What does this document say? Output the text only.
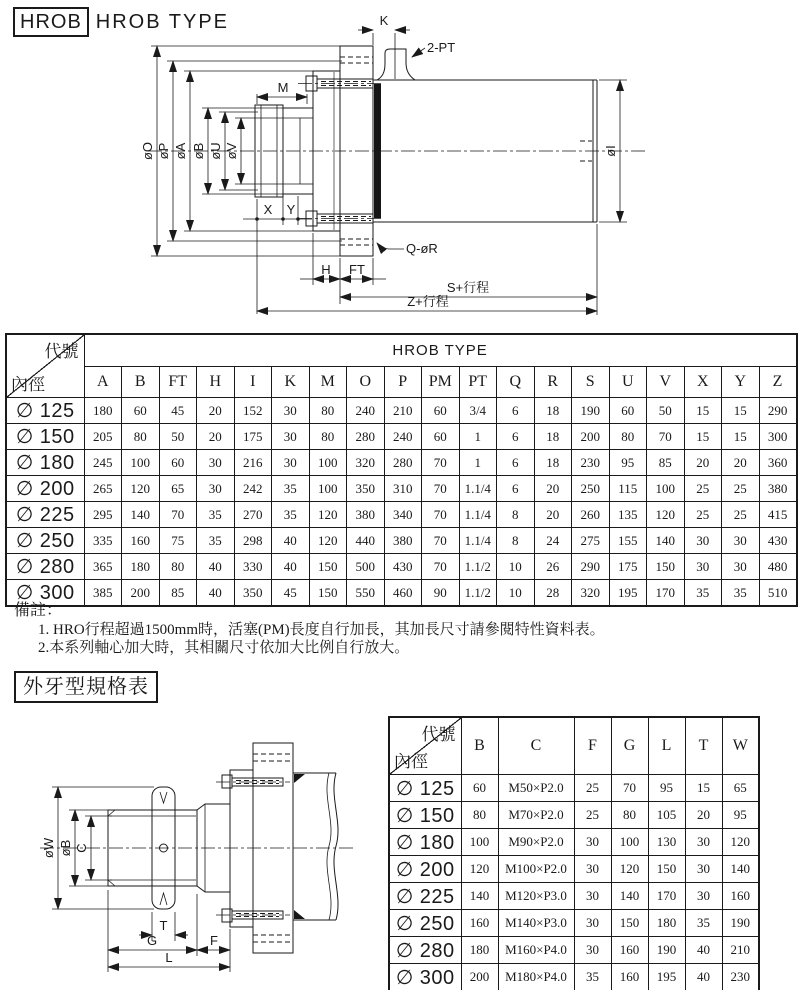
HROB HROB TYPE	K
2-PT
M
øO øP øA øB øU øV
X Y
øI
Q-øR
H FT
S+行程
Z+行程
代號
內徑	HROB TYPE																		
	A	B	FT	H	I	K	M	O	P	PM	PT	Q	R	S	U	V	X	Y	Z
∅ 125	180	60	45	20	152	30	80	240	210	60	3/4	6	18	190	60	50	15	15	290
∅ 150	205	80	50	20	175	30	80	280	240	60	1	6	18	200	80	70	15	15	300
∅ 180	245	100	60	30	216	30	100	320	280	70	1	6	18	230	95	85	20	20	360
∅ 200	265	120	65	30	242	35	100	350	310	70	1.1/4	6	20	250	115	100	25	25	380
∅ 225	295	140	70	35	270	35	120	380	340	70	1.1/4	8	20	260	135	120	25	25	415
∅ 250	335	160	75	35	298	40	120	440	380	70	1.1/4	8	24	275	155	140	30	30	430
∅ 280	365	180	80	40	330	40	150	500	430	70	1.1/2	10	26	290	175	150	30	30	480
∅ 300	385	200	85	40	350	45	150	550	460	90	1.1/2	10	28	320	195	170	35	35	510
備註：
1. HRO行程超過1500mm時，活塞(PM)長度自行加長，其加長尺寸請參閱特性資料表。
2.本系列軸心加大時，其相關尺寸依加大比例自行放大。
外牙型規格表
øW øB C
T
G	F
L
代號
內徑	B	C	F	G	L	T	W
∅ 125	60	M50×P2.0	25	70	95	15	65
∅ 150	80	M70×P2.0	25	80	105	20	95
∅ 180	100	M90×P2.0	30	100	130	30	120
∅ 200	120	M100×P2.0	30	120	150	30	140
∅ 225	140	M120×P3.0	30	140	170	30	160
∅ 250	160	M140×P3.0	30	150	180	35	190
∅ 280	180	M160×P4.0	30	160	190	40	210
∅ 300	200	M180×P4.0	35	160	195	40	230
